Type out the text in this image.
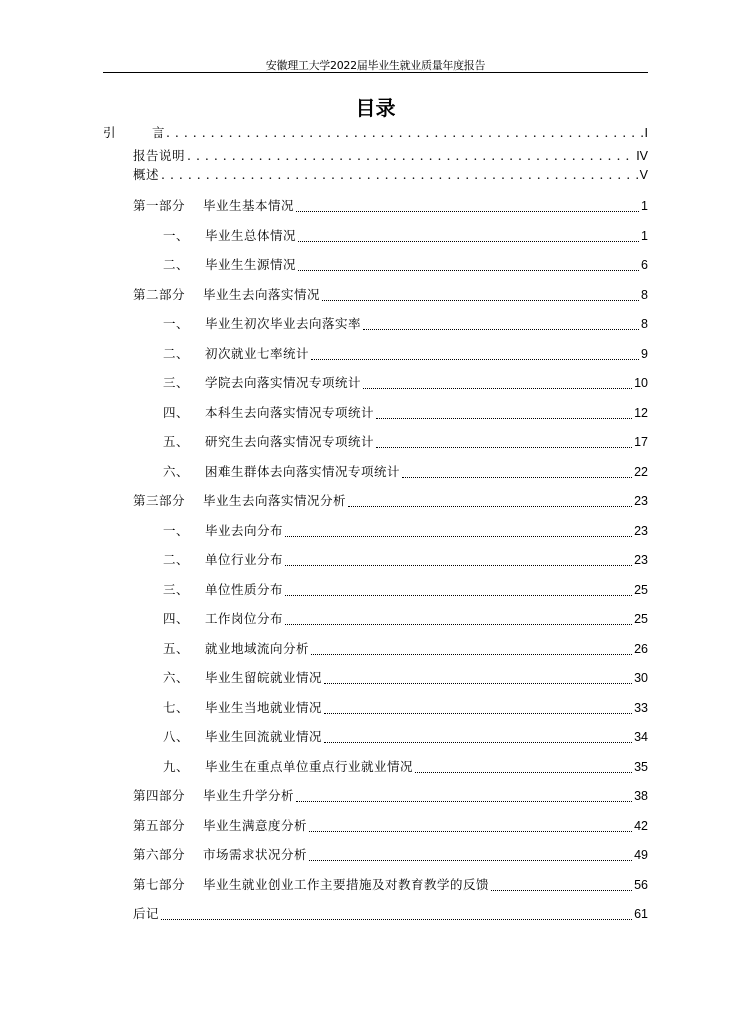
安徽理工大学2022届毕业生就业质量年度报告
目录
引　言 . . .	I
报告说明 . . .	IV
概述 . . .	V
第一部分	毕业生基本情况	1
一、	毕业生总体情况	1
二、	毕业生生源情况	6
第二部分	毕业生去向落实情况	8
一、	毕业生初次毕业去向落实率	8
二、	初次就业七率统计	9
三、	学院去向落实情况专项统计	10
四、	本科生去向落实情况专项统计	12
五、	研究生去向落实情况专项统计	17
六、	困难生群体去向落实情况专项统计	22
第三部分	毕业生去向落实情况分析	23
一、	毕业去向分布	23
二、	单位行业分布	23
三、	单位性质分布	25
四、	工作岗位分布	25
五、	就业地域流向分析	26
六、	毕业生留皖就业情况	30
七、	毕业生当地就业情况	33
八、	毕业生回流就业情况	34
九、	毕业生在重点单位重点行业就业情况	35
第四部分	毕业生升学分析	38
第五部分	毕业生满意度分析	42
第六部分	市场需求状况分析	49
第七部分	毕业生就业创业工作主要措施及对教育教学的反馈	56
后记	61
